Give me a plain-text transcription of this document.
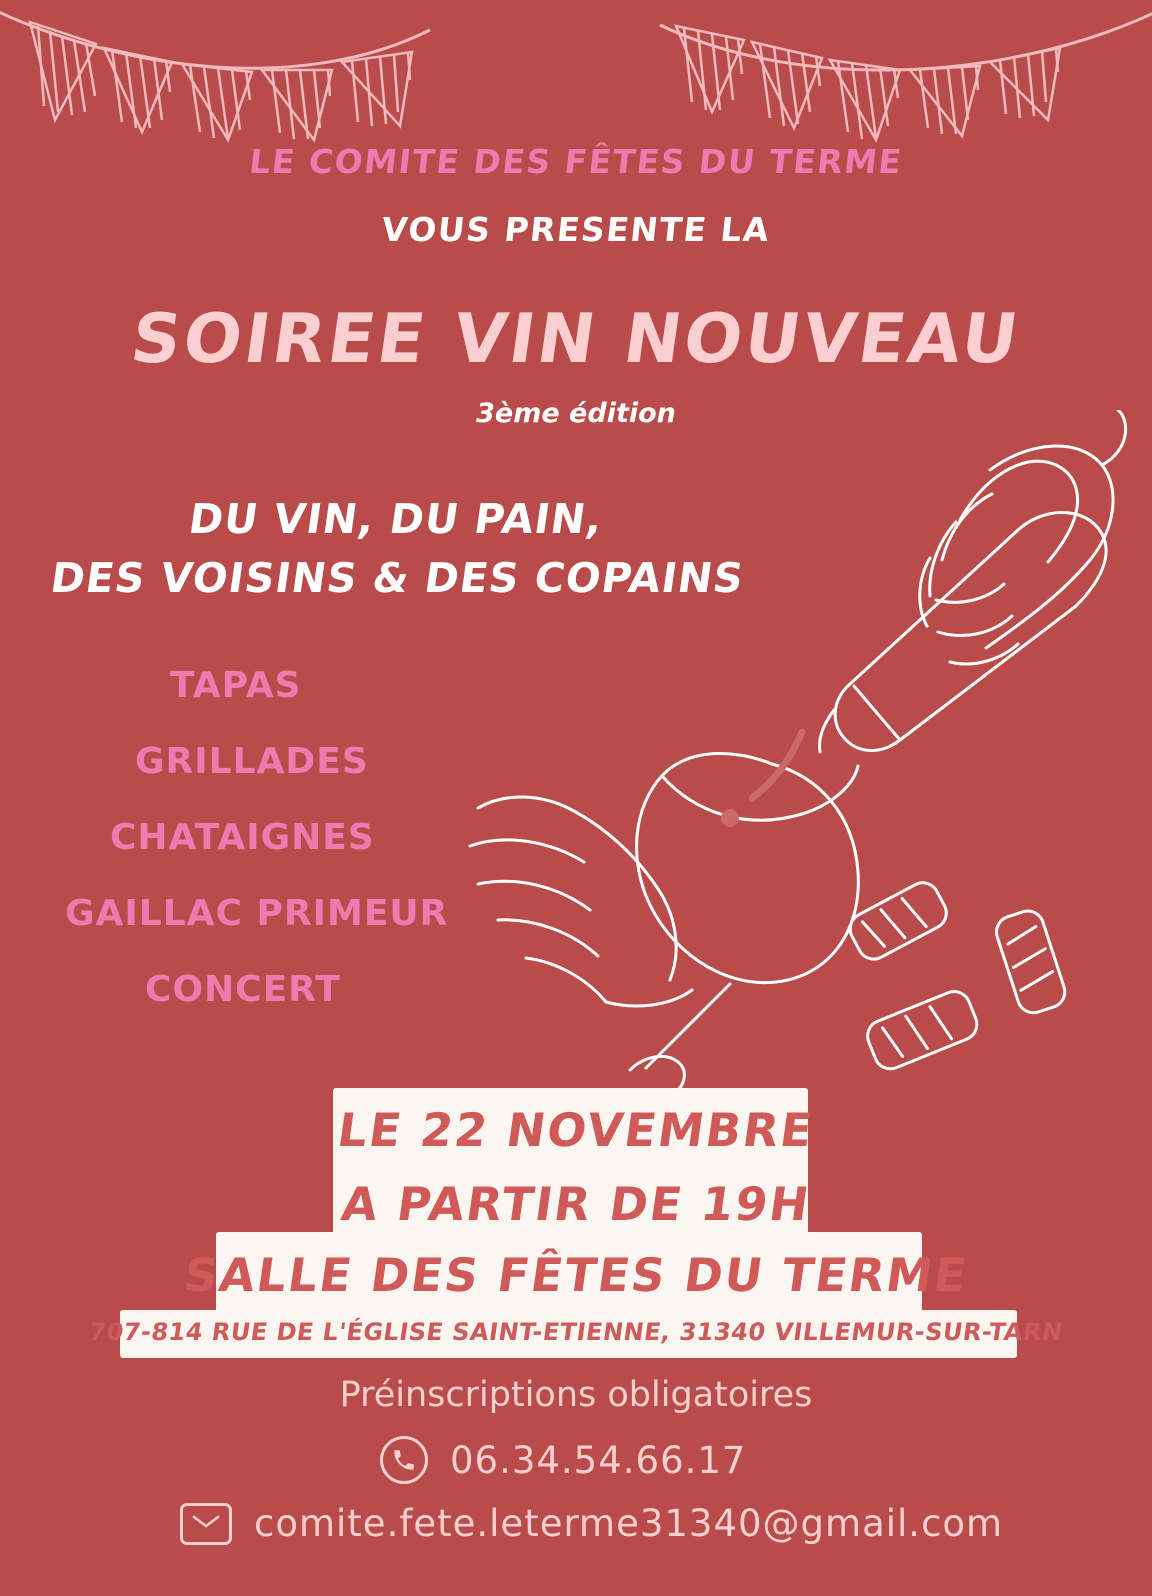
LE COMITE DES FÊTES DU TERME
VOUS PRESENTE LA
SOIREE VIN NOUVEAU
3ème édition
DU VIN, DU PAIN,
DES VOISINS & DES COPAINS
TAPAS
GRILLADES
CHATAIGNES
GAILLAC PRIMEUR
CONCERT
LE 22 NOVEMBRE
A PARTIR DE 19H
SALLE DES FÊTES DU TERME
707-814 RUE DE L'ÉGLISE SAINT-ETIENNE, 31340 VILLEMUR-SUR-TARN
Préinscriptions obligatoires
06.34.54.66.17
comite.fete.leterme31340@gmail.com
